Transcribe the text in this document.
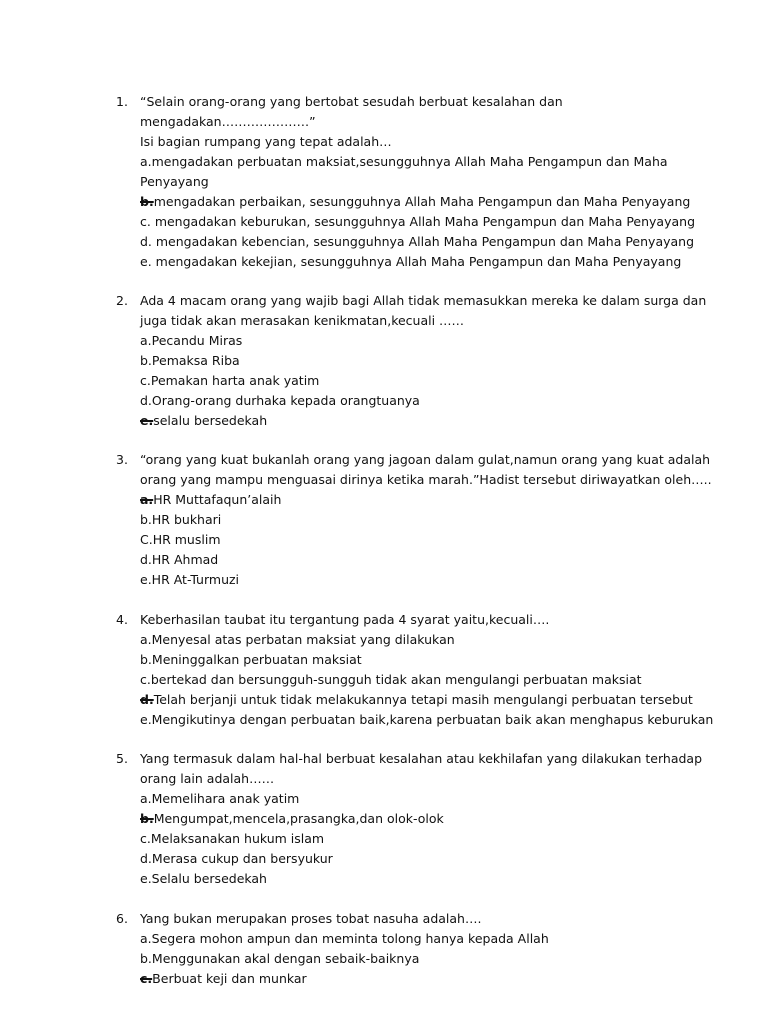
1. “Selain orang-orang yang bertobat sesudah berbuat kesalahan dan
mengadakan…………………”
Isi bagian rumpang yang tepat adalah…
a.mengadakan perbuatan maksiat,sesungguhnya Allah Maha Pengampun dan Maha
Penyayang
b.mengadakan perbaikan, sesungguhnya Allah Maha Pengampun dan Maha Penyayang
c. mengadakan keburukan, sesungguhnya Allah Maha Pengampun dan Maha Penyayang
d. mengadakan kebencian, sesungguhnya Allah Maha Pengampun dan Maha Penyayang
e. mengadakan kekejian, sesungguhnya Allah Maha Pengampun dan Maha Penyayang
2. Ada 4 macam orang yang wajib bagi Allah tidak memasukkan mereka ke dalam surga dan
juga tidak akan merasakan kenikmatan,kecuali ……
a.Pecandu Miras
b.Pemaksa Riba
c.Pemakan harta anak yatim
d.Orang-orang durhaka kepada orangtuanya
e.selalu bersedekah
3. “orang yang kuat bukanlah orang yang jagoan dalam gulat,namun orang yang kuat adalah
orang yang mampu menguasai dirinya ketika marah.”Hadist tersebut diriwayatkan oleh…..
a.HR Muttafaqun’alaih
b.HR bukhari
C.HR muslim
d.HR Ahmad
e.HR At-Turmuzi
4. Keberhasilan taubat itu tergantung pada 4 syarat yaitu,kecuali….
a.Menyesal atas perbatan maksiat yang dilakukan
b.Meninggalkan perbuatan maksiat
c.bertekad dan bersungguh-sungguh tidak akan mengulangi perbuatan maksiat
d.Telah berjanji untuk tidak melakukannya tetapi masih mengulangi perbuatan tersebut
e.Mengikutinya dengan perbuatan baik,karena perbuatan baik akan menghapus keburukan
5. Yang termasuk dalam hal-hal berbuat kesalahan atau kekhilafan yang dilakukan terhadap
orang lain adalah……
a.Memelihara anak yatim
b.Mengumpat,mencela,prasangka,dan olok-olok
c.Melaksanakan hukum islam
d.Merasa cukup dan bersyukur
e.Selalu bersedekah
6. Yang bukan merupakan proses tobat nasuha adalah….
a.Segera mohon ampun dan meminta tolong hanya kepada Allah
b.Menggunakan akal dengan sebaik-baiknya
c.Berbuat keji dan munkar
